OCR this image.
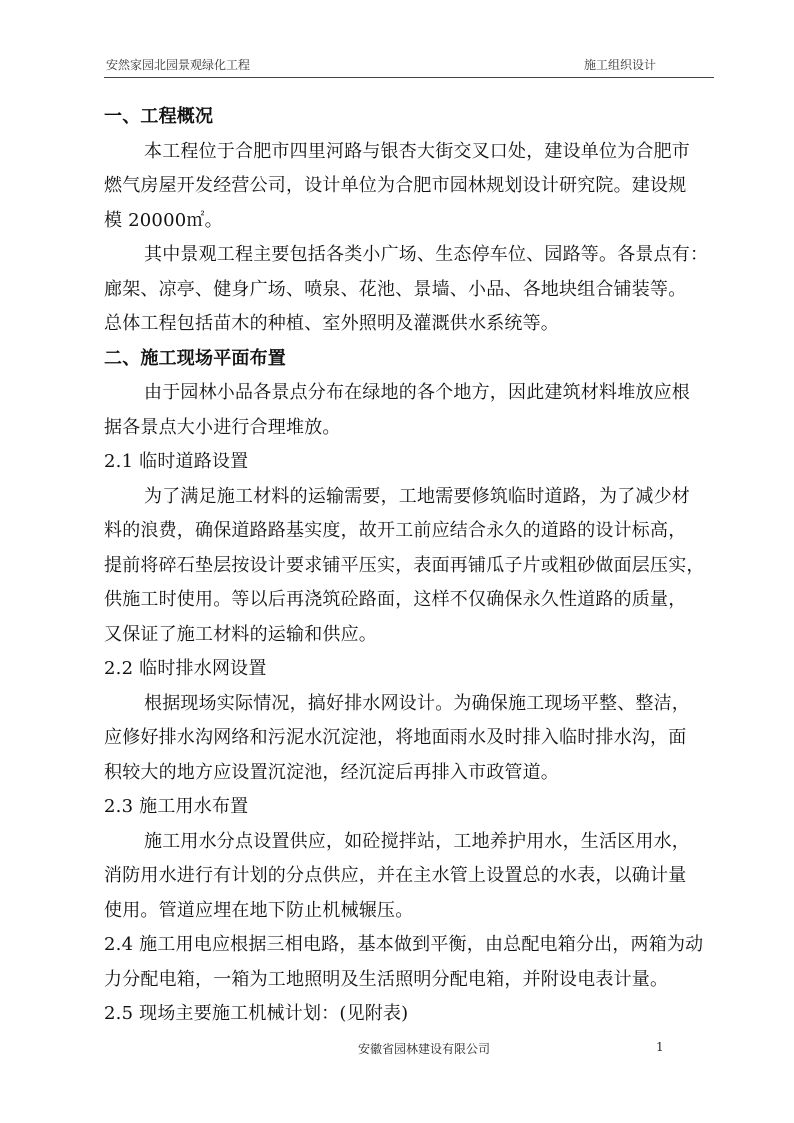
安然家园北园景观绿化工程	施工组织设计
一、工程概况
本工程位于合肥市四里河路与银杏大街交叉口处，建设单位为合肥市
燃气房屋开发经营公司，设计单位为合肥市园林规划设计研究院。建设规
模 20000㎡。
其中景观工程主要包括各类小广场、生态停车位、园路等。各景点有：
廊架、凉亭、健身广场、喷泉、花池、景墙、小品、各地块组合铺装等。
总体工程包括苗木的种植、室外照明及灌溉供水系统等。
二、施工现场平面布置
由于园林小品各景点分布在绿地的各个地方，因此建筑材料堆放应根
据各景点大小进行合理堆放。
2.1 临时道路设置
为了满足施工材料的运输需要，工地需要修筑临时道路，为了减少材
料的浪费，确保道路路基实度，故开工前应结合永久的道路的设计标高，
提前将碎石垫层按设计要求铺平压实，表面再铺瓜子片或粗砂做面层压实，
供施工时使用。等以后再浇筑砼路面，这样不仅确保永久性道路的质量，
又保证了施工材料的运输和供应。
2.2 临时排水网设置
根据现场实际情况，搞好排水网设计。为确保施工现场平整、整洁，
应修好排水沟网络和污泥水沉淀池，将地面雨水及时排入临时排水沟，面
积较大的地方应设置沉淀池，经沉淀后再排入市政管道。
2.3 施工用水布置
施工用水分点设置供应，如砼搅拌站，工地养护用水，生活区用水，
消防用水进行有计划的分点供应，并在主水管上设置总的水表，以确计量
使用。管道应埋在地下防止机械辗压。
2.4 施工用电应根据三相电路，基本做到平衡，由总配电箱分出，两箱为动
力分配电箱，一箱为工地照明及生活照明分配电箱，并附设电表计量。
2.5 现场主要施工机械计划：(见附表)
安徽省园林建设有限公司	1
